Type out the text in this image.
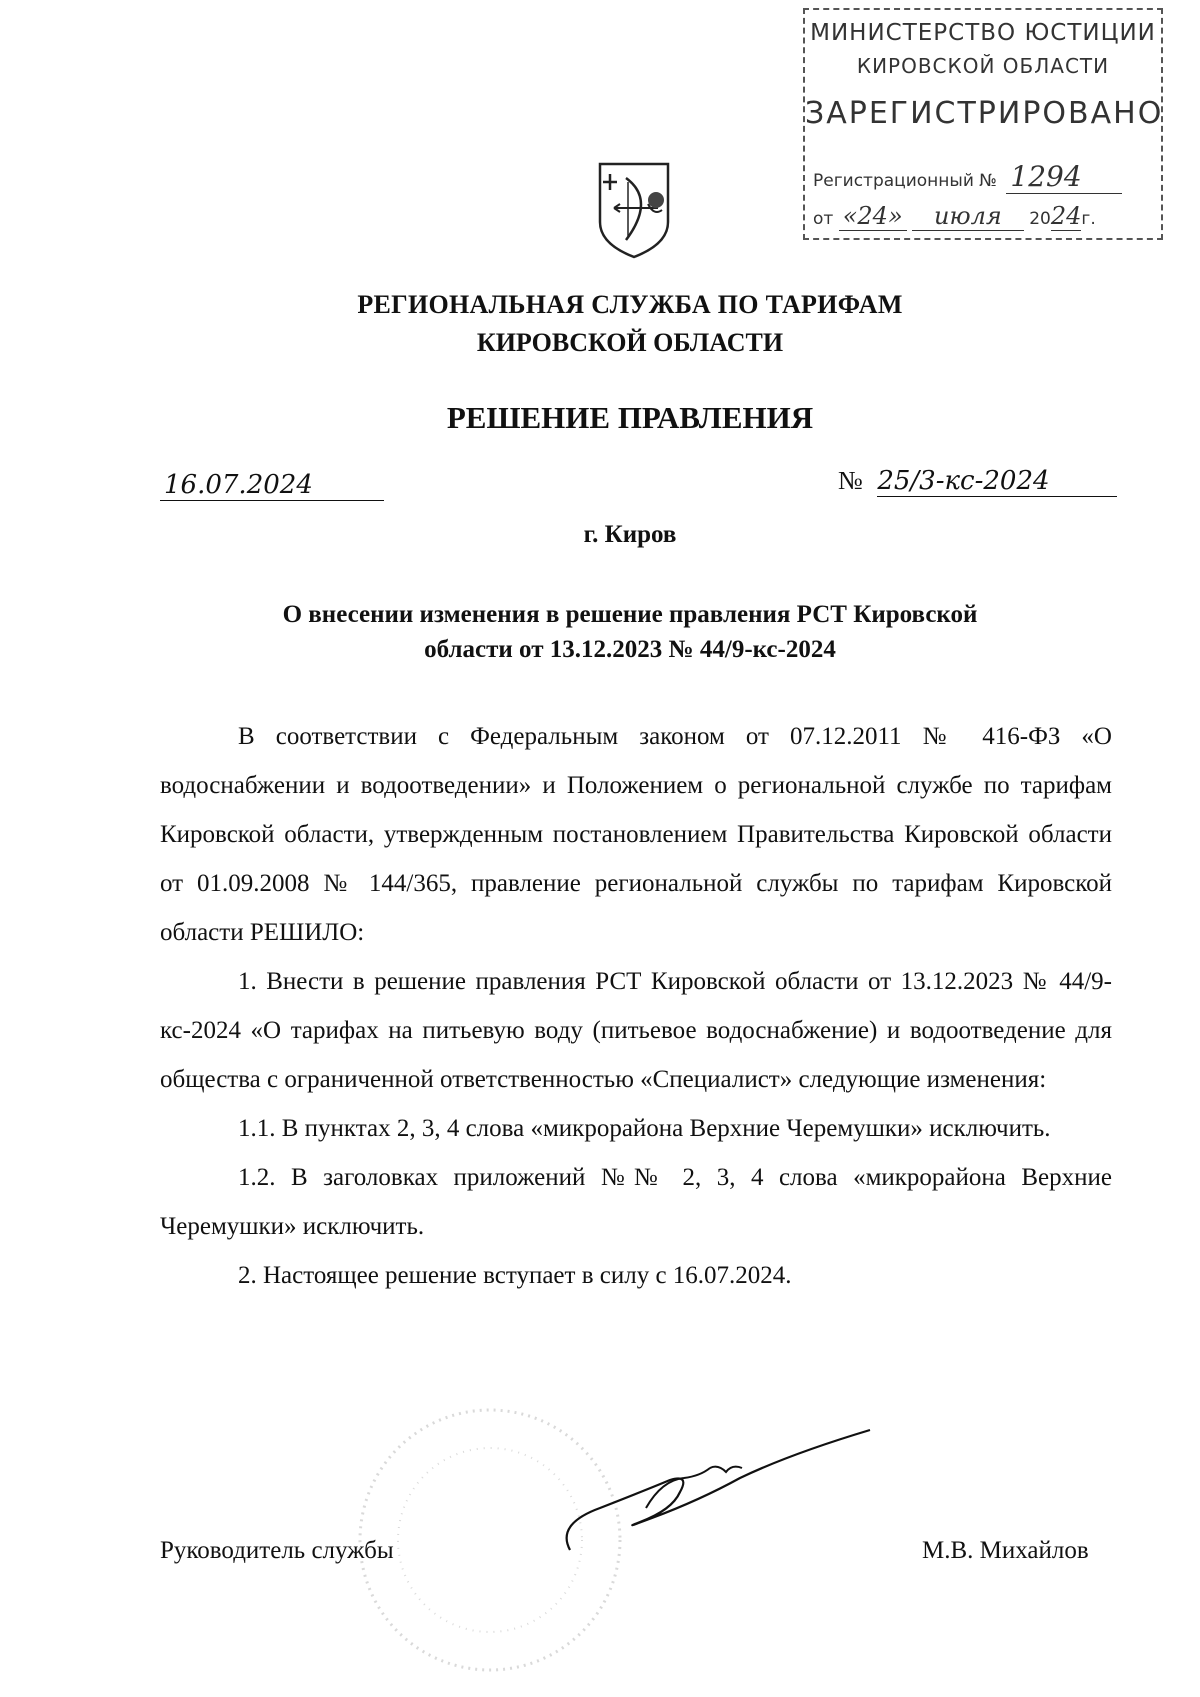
МИНИСТЕРСТВО ЮСТИЦИИ
КИРОВСКОЙ ОБЛАСТИ
ЗАРЕГИСТРИРОВАНО
Регистрационный № 1294
от «24» июля 2024г.
РЕГИОНАЛЬНАЯ СЛУЖБА ПО ТАРИФАМ
КИРОВСКОЙ ОБЛАСТИ
РЕШЕНИЕ ПРАВЛЕНИЯ
16.07.2024	№ 25/3-кс-2024
г. Киров
О внесении изменения в решение правления РСТ Кировской
области от 13.12.2023 № 44/9-кс-2024

В соответствии с Федеральным законом от 07.12.2011 № 416-ФЗ «О водоснабжении и водоотведении» и Положением о региональной службе по тарифам Кировской области, утвержденным постановлением Правительства Кировской области от 01.09.2008 № 144/365, правление региональной службы по тарифам Кировской области РЕШИЛО:

1. Внести в решение правления РСТ Кировской области от 13.12.2023 № 44/9-кс-2024 «О тарифах на питьевую воду (питьевое водоснабжение) и водоотведение для общества с ограниченной ответственностью «Специалист» следующие изменения:

1.1. В пунктах 2, 3, 4 слова «микрорайона Верхние Черемушки» исключить.

1.2. В заголовках приложений №№ 2, 3, 4 слова «микрорайона Верхние Черемушки» исключить.

2. Настоящее решение вступает в силу с 16.07.2024.

Руководитель службы	М.В. Михайлов
